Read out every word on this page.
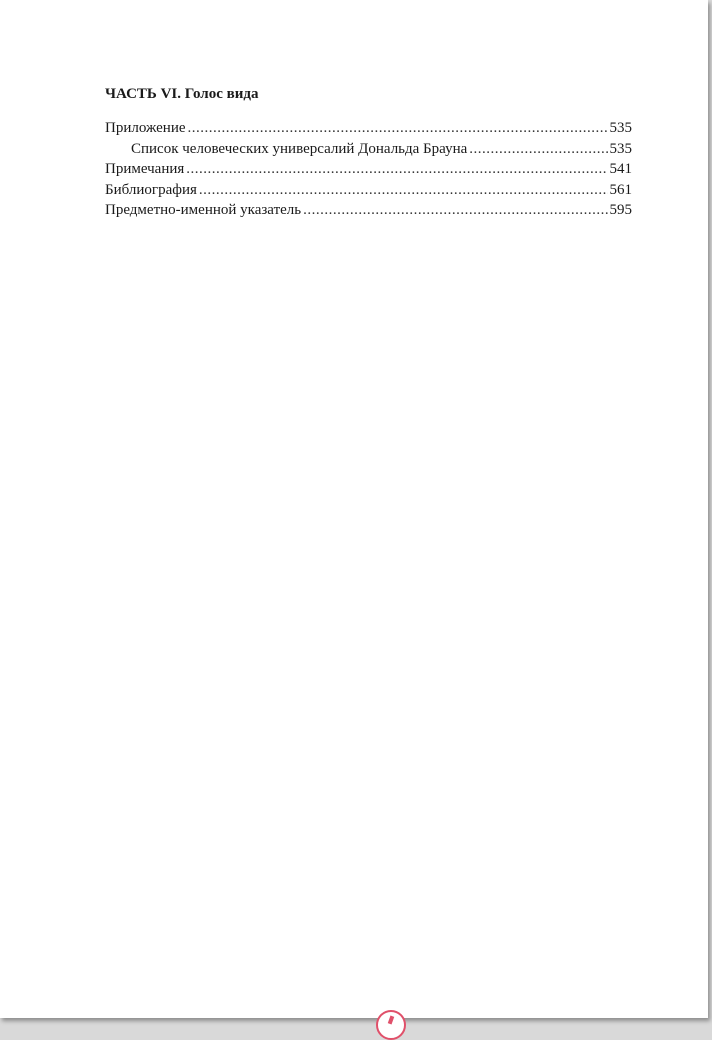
ЧАСТЬ VI. Голос вида
Приложение .....	535
Список человеческих универсалий Дональда Брауна .....	535
Примечания .....	541
Библиография .....	561
Предметно-именной указатель .....	595
